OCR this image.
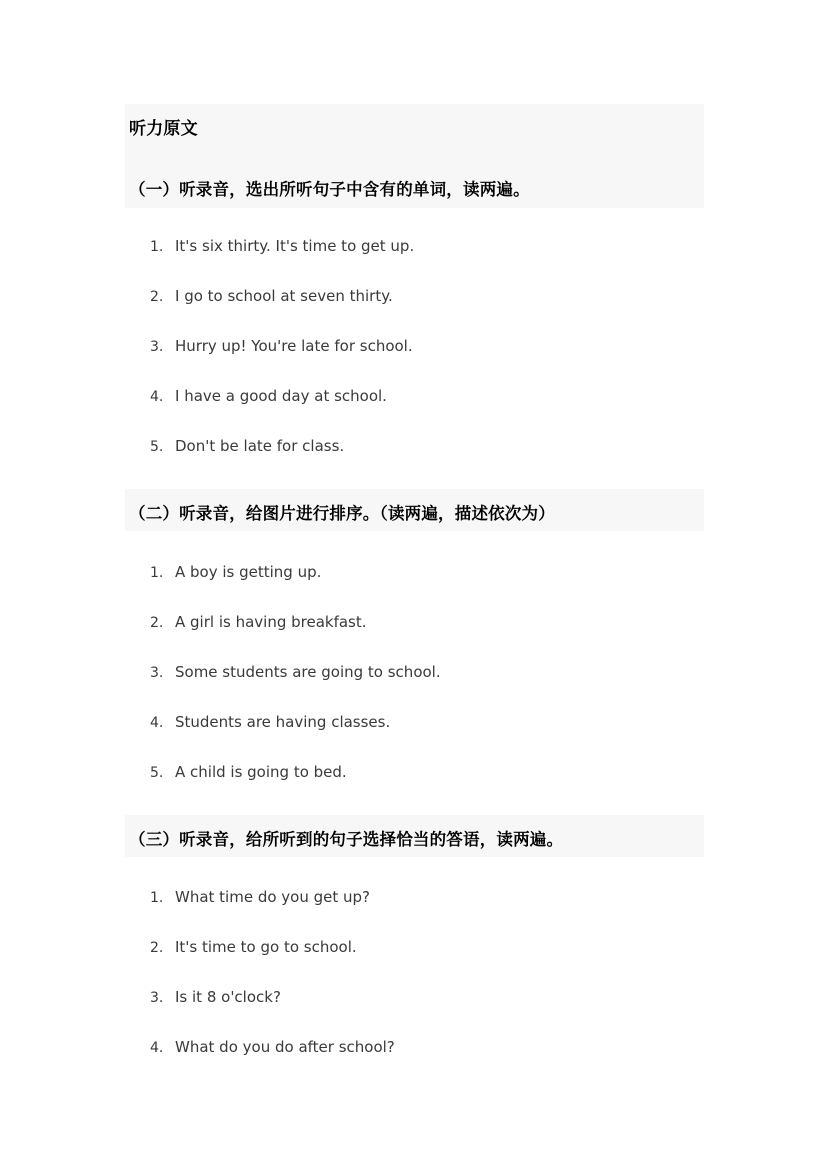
听力原文
（一）听录音，选出所听句子中含有的单词，读两遍。
1. It's six thirty. It's time to get up.
2. I go to school at seven thirty.
3. Hurry up! You're late for school.
4. I have a good day at school.
5. Don't be late for class.
（二）听录音，给图片进行排序。（读两遍，描述依次为）
1. A boy is getting up.
2. A girl is having breakfast.
3. Some students are going to school.
4. Students are having classes.
5. A child is going to bed.
（三）听录音，给所听到的句子选择恰当的答语，读两遍。
1. What time do you get up?
2. It's time to go to school.
3. Is it 8 o'clock?
4. What do you do after school?
